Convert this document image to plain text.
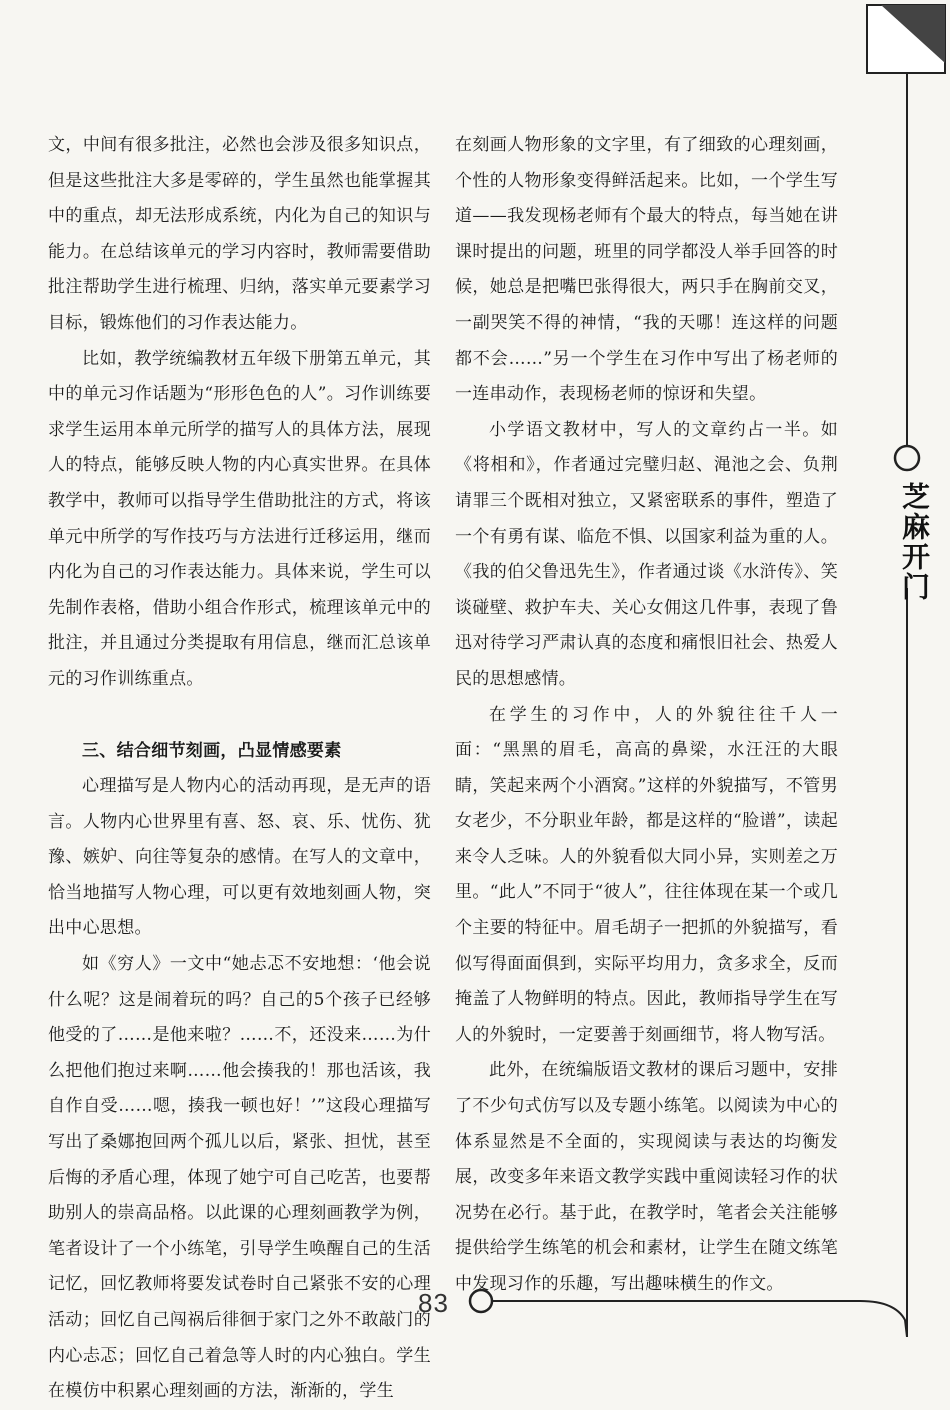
芝麻开门

文，中间有很多批注，必然也会涉及很多知识点，但是这些批注大多是零碎的，学生虽然也能掌握其中的重点，却无法形成系统，内化为自己的知识与能力。在总结该单元的学习内容时，教师需要借助批注帮助学生进行梳理、归纳，落实单元要素学习目标，锻炼他们的习作表达能力。

比如，教学统编教材五年级下册第五单元，其中的单元习作话题为“形形色色的人”。习作训练要求学生运用本单元所学的描写人的具体方法，展现人的特点，能够反映人物的内心真实世界。在具体教学中，教师可以指导学生借助批注的方式，将该单元中所学的写作技巧与方法进行迁移运用，继而内化为自己的习作表达能力。具体来说，学生可以先制作表格，借助小组合作形式，梳理该单元中的批注，并且通过分类提取有用信息，继而汇总该单元的习作训练重点。

三、结合细节刻画，凸显情感要素

心理描写是人物内心的活动再现，是无声的语言。人物内心世界里有喜、怒、哀、乐、忧伤、犹豫、嫉妒、向往等复杂的感情。在写人的文章中，恰当地描写人物心理，可以更有效地刻画人物，突出中心思想。

如《穷人》一文中“她忐忑不安地想：‘他会说什么呢？这是闹着玩的吗？自己的5个孩子已经够他受的了……是他来啦？……不，还没来……为什么把他们抱过来啊……他会揍我的！那也活该，我自作自受……嗯，揍我一顿也好！’”这段心理描写写出了桑娜抱回两个孤儿以后，紧张、担忧，甚至后悔的矛盾心理，体现了她宁可自己吃苦，也要帮助别人的崇高品格。以此课的心理刻画教学为例，笔者设计了一个小练笔，引导学生唤醒自己的生活记忆，回忆教师将要发试卷时自己紧张不安的心理活动；回忆自己闯祸后徘徊于家门之外不敢敲门的内心忐忑；回忆自己着急等人时的内心独白。学生在模仿中积累心理刻画的方法，渐渐的，学生

在刻画人物形象的文字里，有了细致的心理刻画，个性的人物形象变得鲜活起来。比如，一个学生写道——我发现杨老师有个最大的特点，每当她在讲课时提出的问题，班里的同学都没人举手回答的时候，她总是把嘴巴张得很大，两只手在胸前交叉，一副哭笑不得的神情，“我的天哪！连这样的问题都不会……”另一个学生在习作中写出了杨老师的一连串动作，表现杨老师的惊讶和失望。

小学语文教材中，写人的文章约占一半。如《将相和》，作者通过完璧归赵、渑池之会、负荆请罪三个既相对独立，又紧密联系的事件，塑造了一个有勇有谋、临危不惧、以国家利益为重的人。《我的伯父鲁迅先生》，作者通过谈《水浒传》、笑谈碰壁、救护车夫、关心女佣这几件事，表现了鲁迅对待学习严肃认真的态度和痛恨旧社会、热爱人民的思想感情。

在学生的习作中，人的外貌往往千人一面：“黑黑的眉毛，高高的鼻梁，水汪汪的大眼睛，笑起来两个小酒窝。”这样的外貌描写，不管男女老少，不分职业年龄，都是这样的“脸谱”，读起来令人乏味。人的外貌看似大同小异，实则差之万里。“此人”不同于“彼人”，往往体现在某一个或几个主要的特征中。眉毛胡子一把抓的外貌描写，看似写得面面俱到，实际平均用力，贪多求全，反而掩盖了人物鲜明的特点。因此，教师指导学生在写人的外貌时，一定要善于刻画细节，将人物写活。

此外，在统编版语文教材的课后习题中，安排了不少句式仿写以及专题小练笔。以阅读为中心的体系显然是不全面的，实现阅读与表达的均衡发展，改变多年来语文教学实践中重阅读轻习作的状况势在必行。基于此，在教学时，笔者会关注能够提供给学生练笔的机会和素材，让学生在随文练笔中发现习作的乐趣，写出趣味横生的作文。

83
